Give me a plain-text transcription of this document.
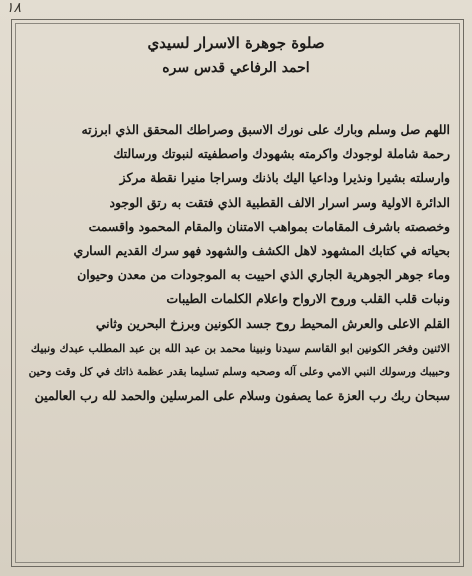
١٨
صلوة جوهرة الاسرار لسيدي
احمد الرفاعي قدس سره
اللهم صل وسلم وبارك على نورك الاسبق وصراطك المحقق الذي ابرزته
رحمة شاملة لوجودك واكرمته بشهودك واصطفيته لنبوتك ورسالتك
وارسلته بشيرا ونذيرا وداعيا اليك باذنك وسراجا منيرا نقطة مركز
الدائرة الاولية وسر اسرار الالف القطبية الذي فتقت به رتق الوجود
وخصصته باشرف المقامات بمواهب الامتنان والمقام المحمود واقسمت
بحياته في كتابك المشهود لاهل الكشف والشهود فهو سرك القديم الساري
وماء جوهر الجوهرية الجاري الذي احييت به الموجودات من معدن وحيوان
ونبات قلب القلب وروح الارواح واعلام الكلمات الطيبات
القلم الاعلى والعرش المحيط روح جسد الكونين وبرزخ البحرين وثاني
الاثنين وفخر الكونين ابو القاسم سيدنا ونبينا محمد بن عبد الله بن عبد المطلب عبدك ونبيك
وحبيبك ورسولك النبي الامي وعلى آله وصحبه وسلم تسليما بقدر عظمة ذاتك في كل وقت وحين
سبحان ربك رب العزة عما يصفون وسلام على المرسلين والحمد لله رب العالمين
